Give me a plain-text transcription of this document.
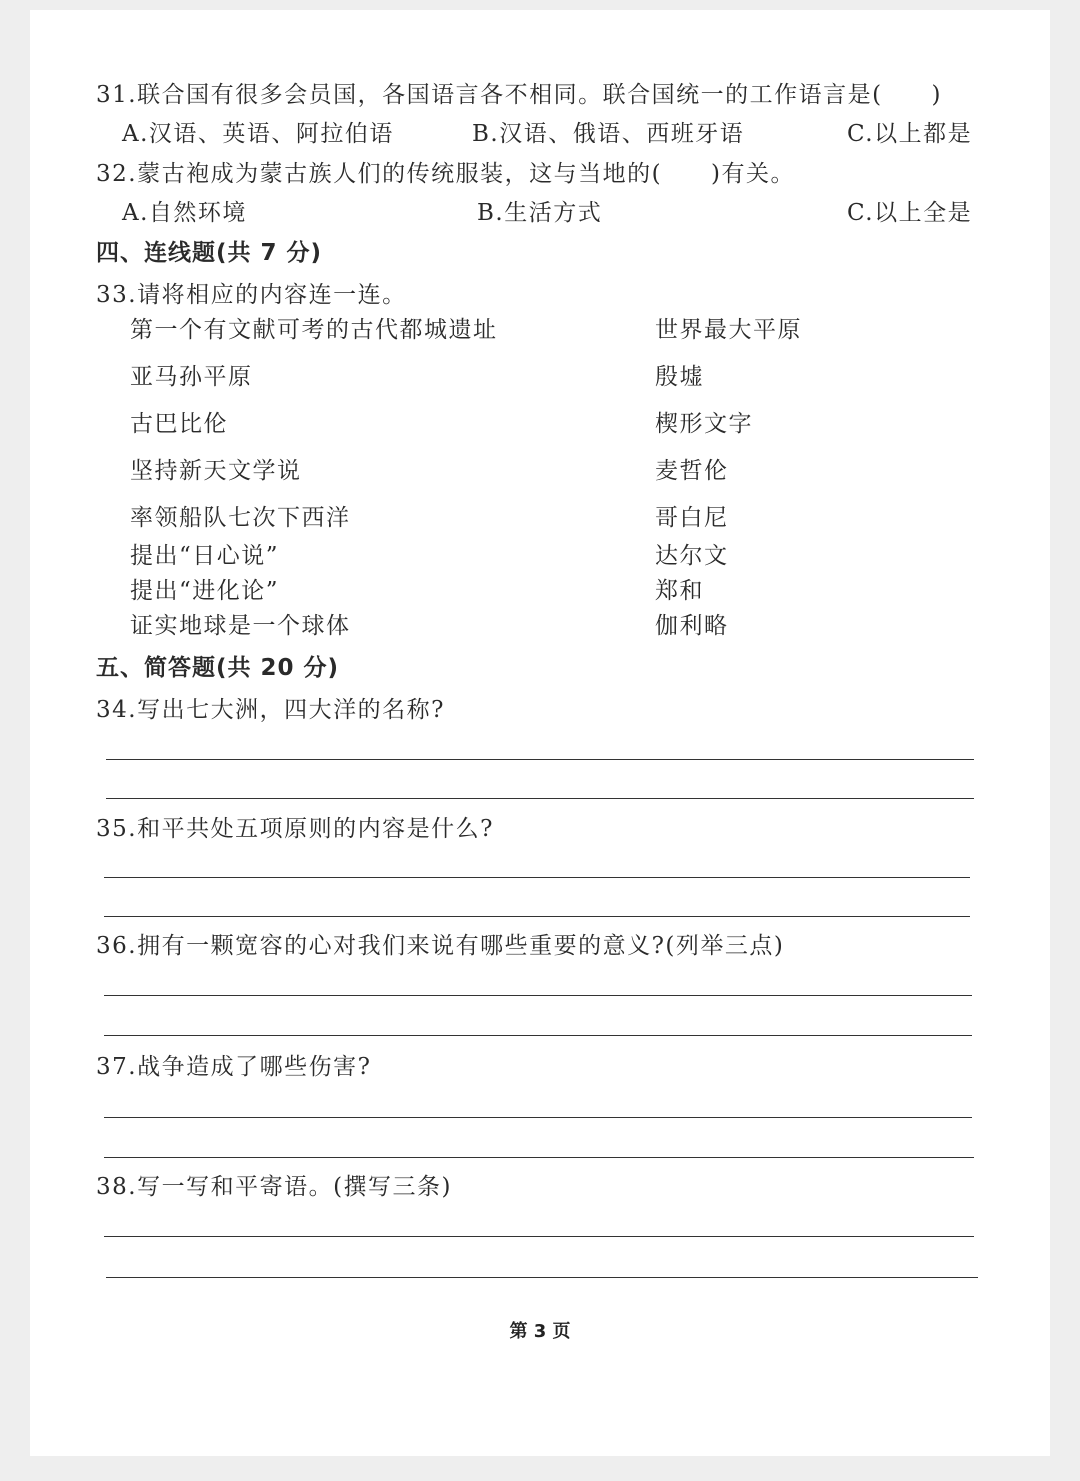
31.联合国有很多会员国，各国语言各不相同。联合国统一的工作语言是(　　)
A.汉语、英语、阿拉伯语	B.汉语、俄语、西班牙语	C.以上都是
32.蒙古袍成为蒙古族人们的传统服装，这与当地的(　　)有关。
A.自然环境	B.生活方式	C.以上全是
四、连线题(共 7 分)
33.请将相应的内容连一连。
第一个有文献可考的古代都城遗址
亚马孙平原
古巴比伦
坚持新天文学说
率领船队七次下西洋
提出“日心说”
提出“进化论”
证实地球是一个球体
世界最大平原
殷墟
楔形文字
麦哲伦
哥白尼
达尔文
郑和
伽利略
五、简答题(共 20 分)
34.写出七大洲，四大洋的名称?
35.和平共处五项原则的内容是什么?
36.拥有一颗宽容的心对我们来说有哪些重要的意义?(列举三点)
37.战争造成了哪些伤害?
38.写一写和平寄语。(撰写三条)
第 3 页
